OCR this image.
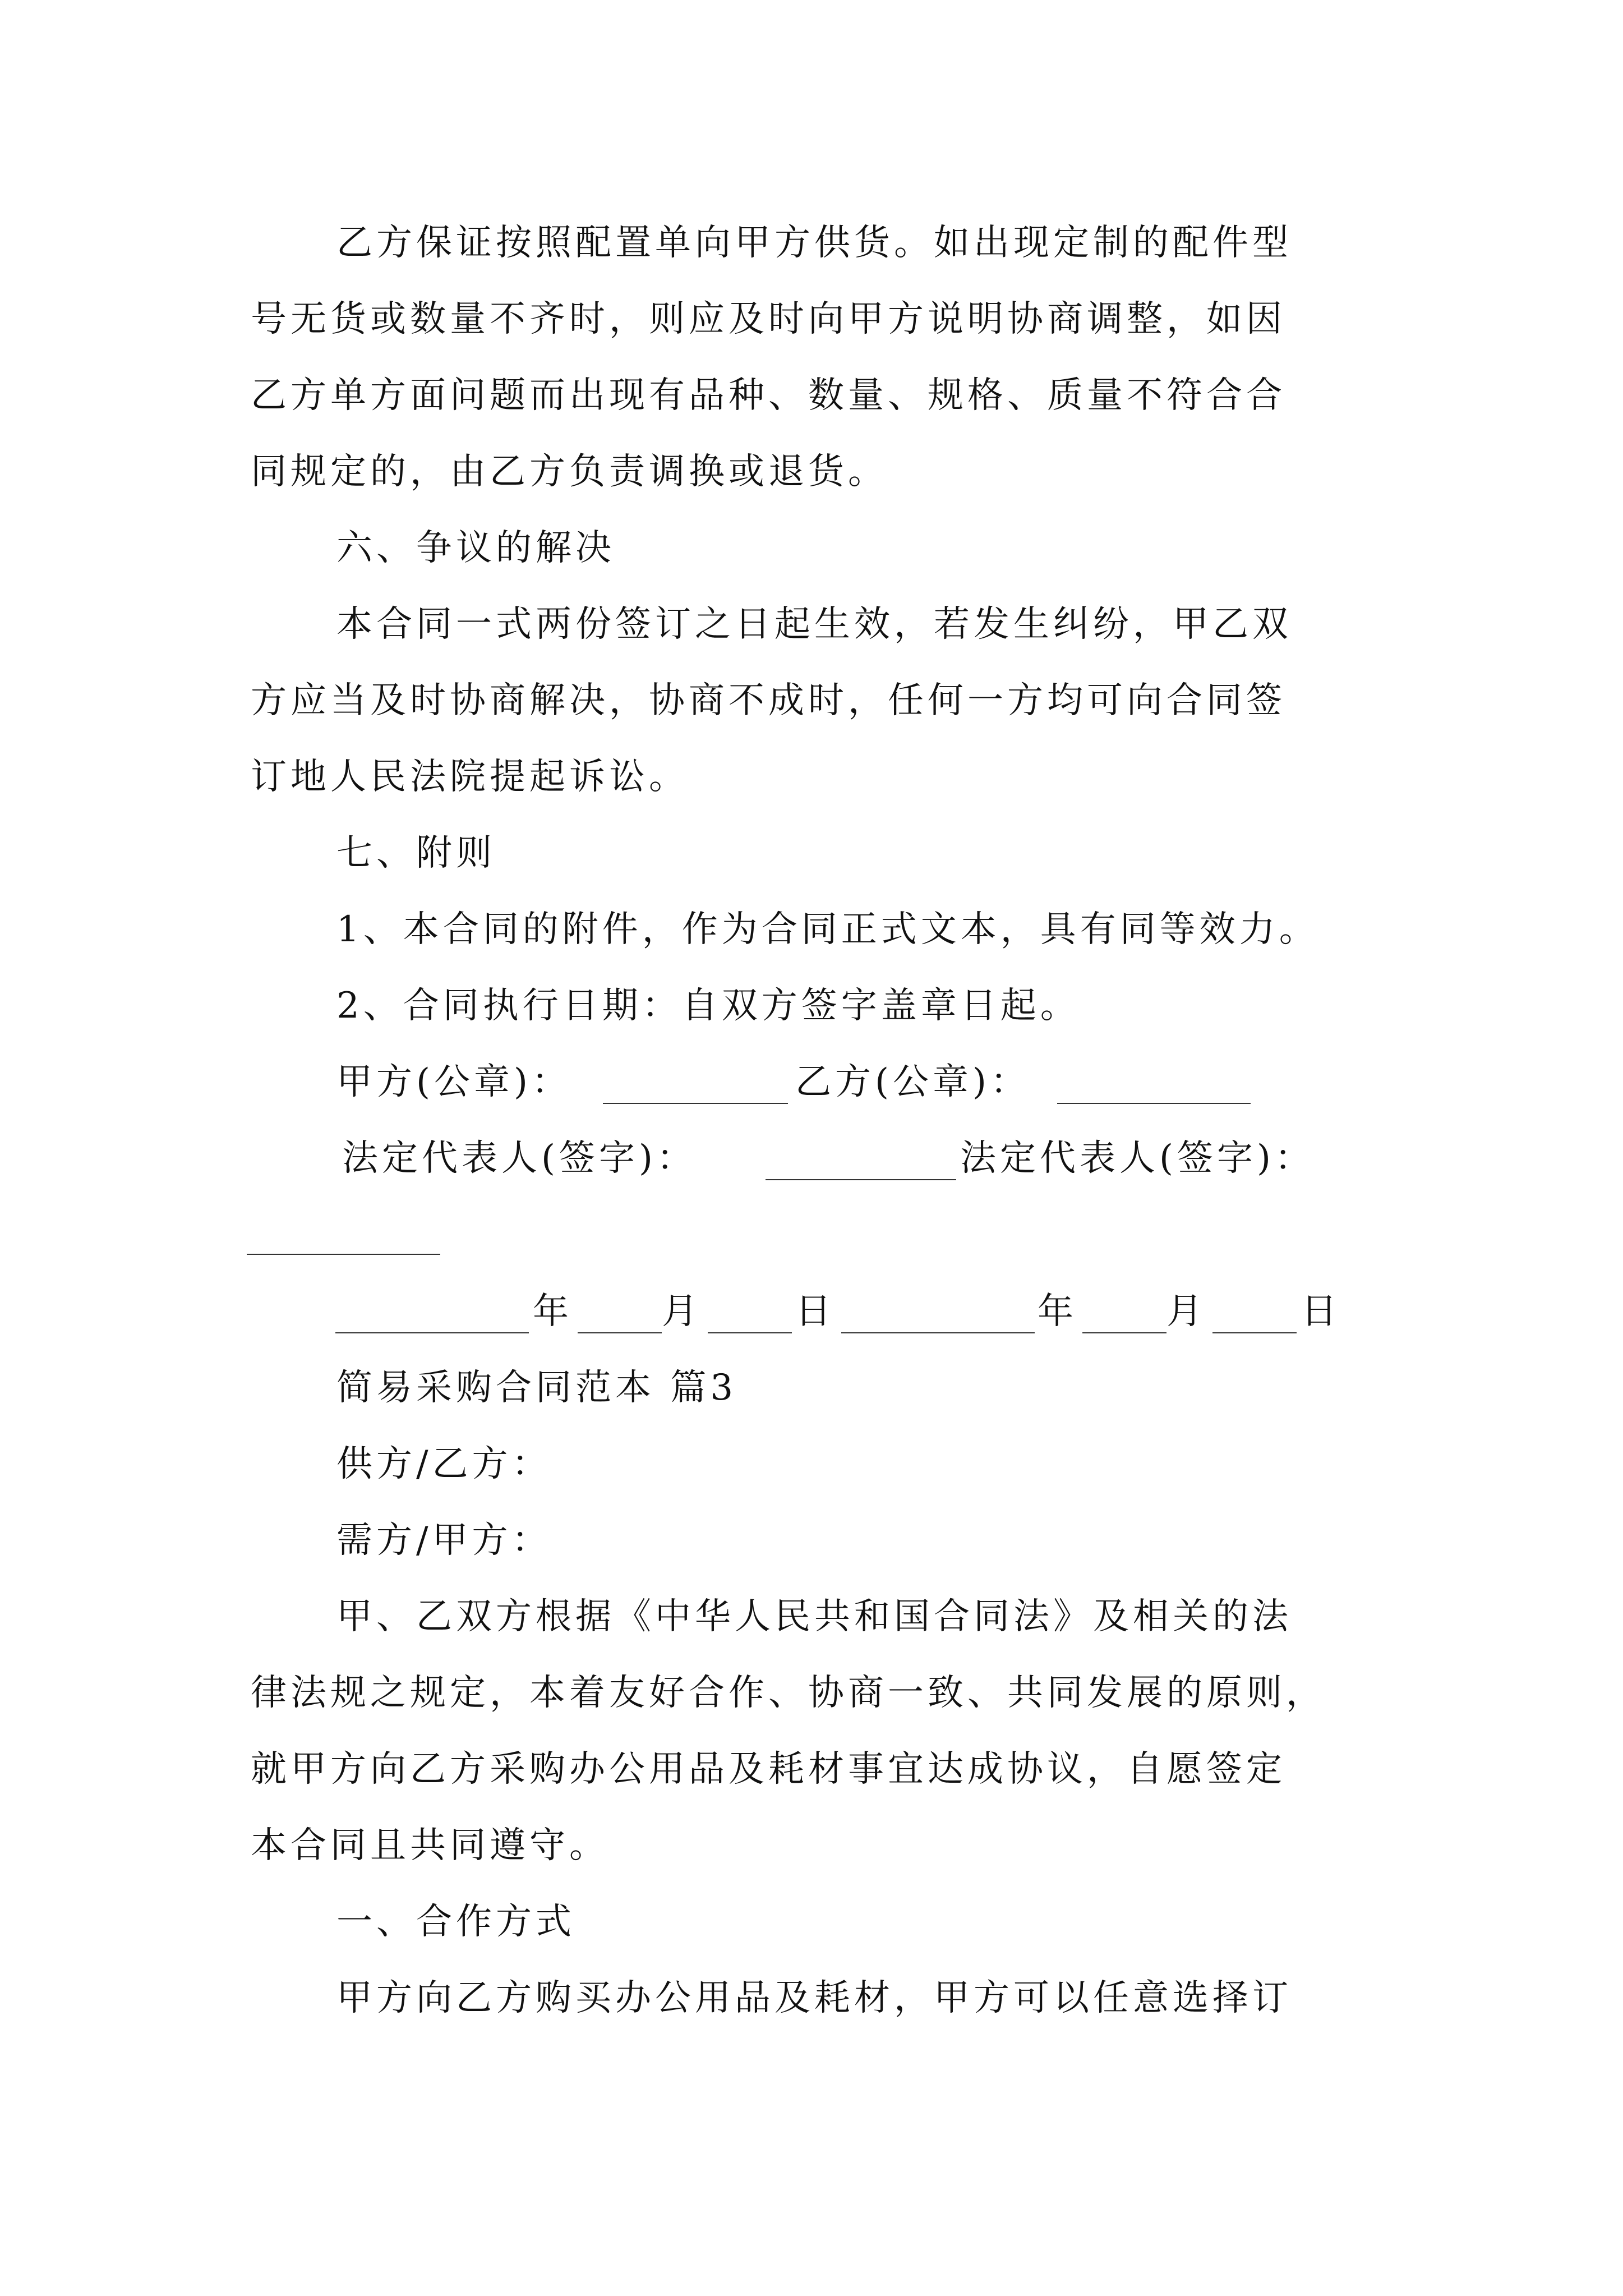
乙方保证按照配置单向甲方供货。如出现定制的配件型
号无货或数量不齐时，则应及时向甲方说明协商调整，如因
乙方单方面问题而出现有品种、数量、规格、质量不符合合
同规定的，由乙方负责调换或退货。
六、争议的解决
本合同一式两份签订之日起生效，若发生纠纷，甲乙双
方应当及时协商解决，协商不成时，任何一方均可向合同签
订地人民法院提起诉讼。
七、附则
1、本合同的附件，作为合同正式文本，具有同等效力。
2、合同执行日期：自双方签字盖章日起。
甲方(公章)：	乙方(公章)：
法定代表人(签字)：	法定代表人(签字)：
年 月	日	年 月	日
简易采购合同范本 篇3
供方/乙方：
需方/甲方：
甲、乙双方根据《中华人民共和国合同法》及相关的法
律法规之规定，本着友好合作、协商一致、共同发展的原则，
就甲方向乙方采购办公用品及耗材事宜达成协议，自愿签定
本合同且共同遵守。
一、合作方式
甲方向乙方购买办公用品及耗材，甲方可以任意选择订
